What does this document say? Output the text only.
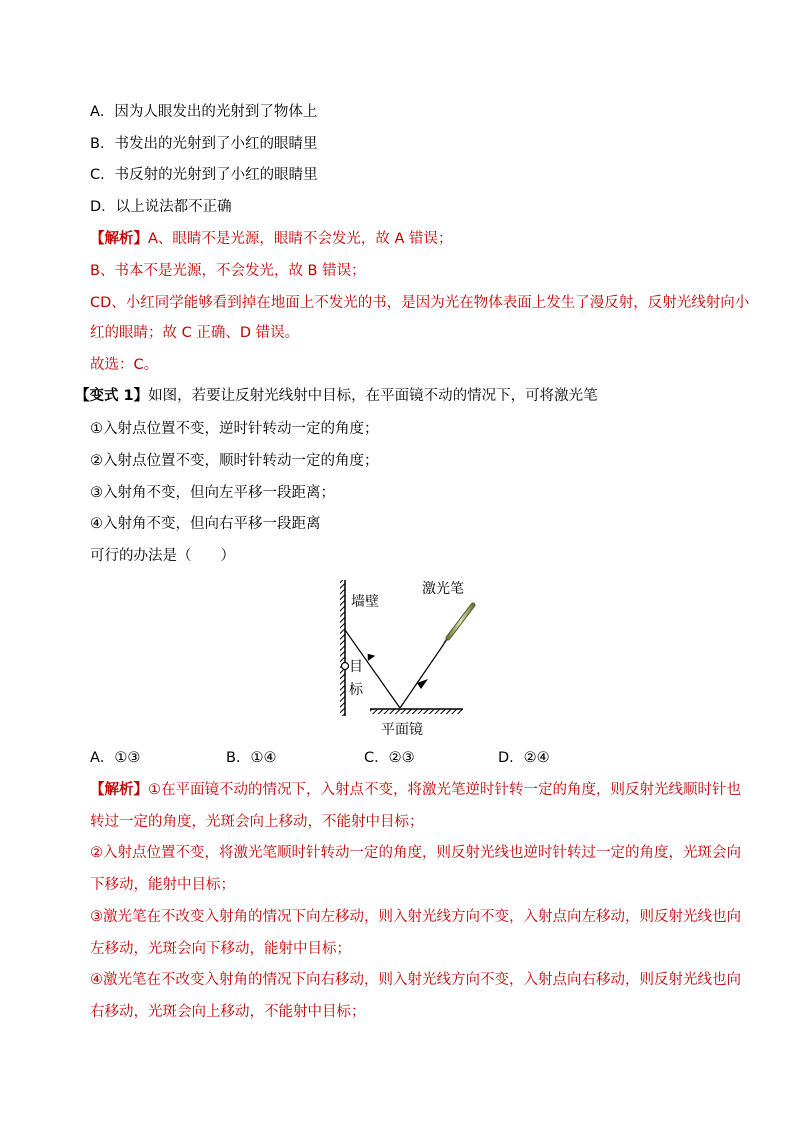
A．因为人眼发出的光射到了物体上
B．书发出的光射到了小红的眼睛里
C．书反射的光射到了小红的眼睛里
D．以上说法都不正确
【解析】A、眼睛不是光源，眼睛不会发光，故 A 错误；
B、书本不是光源，不会发光，故 B 错误；
CD、小红同学能够看到掉在地面上不发光的书，是因为光在物体表面上发生了漫反射，反射光线射向小
红的眼睛；故 C 正确、D 错误。
故选：C。
【变式 1】如图，若要让反射光线射中目标，在平面镜不动的情况下，可将激光笔
①入射点位置不变，逆时针转动一定的角度；
②入射点位置不变，顺时针转动一定的角度；
③入射角不变，但向左平移一段距离；
④入射角不变，但向右平移一段距离
可行的办法是（　　）
墙壁
激光笔
目
标
平面镜
A．①③	B．①④	C．②③	D．②④
【解析】①在平面镜不动的情况下，入射点不变，将激光笔逆时针转一定的角度，则反射光线顺时针也
转过一定的角度，光斑会向上移动，不能射中目标；
②入射点位置不变，将激光笔顺时针转动一定的角度，则反射光线也逆时针转过一定的角度，光斑会向
下移动，能射中目标；
③激光笔在不改变入射角的情况下向左移动，则入射光线方向不变，入射点向左移动，则反射光线也向
左移动，光斑会向下移动，能射中目标；
④激光笔在不改变入射角的情况下向右移动，则入射光线方向不变，入射点向右移动，则反射光线也向
右移动，光斑会向上移动，不能射中目标；
